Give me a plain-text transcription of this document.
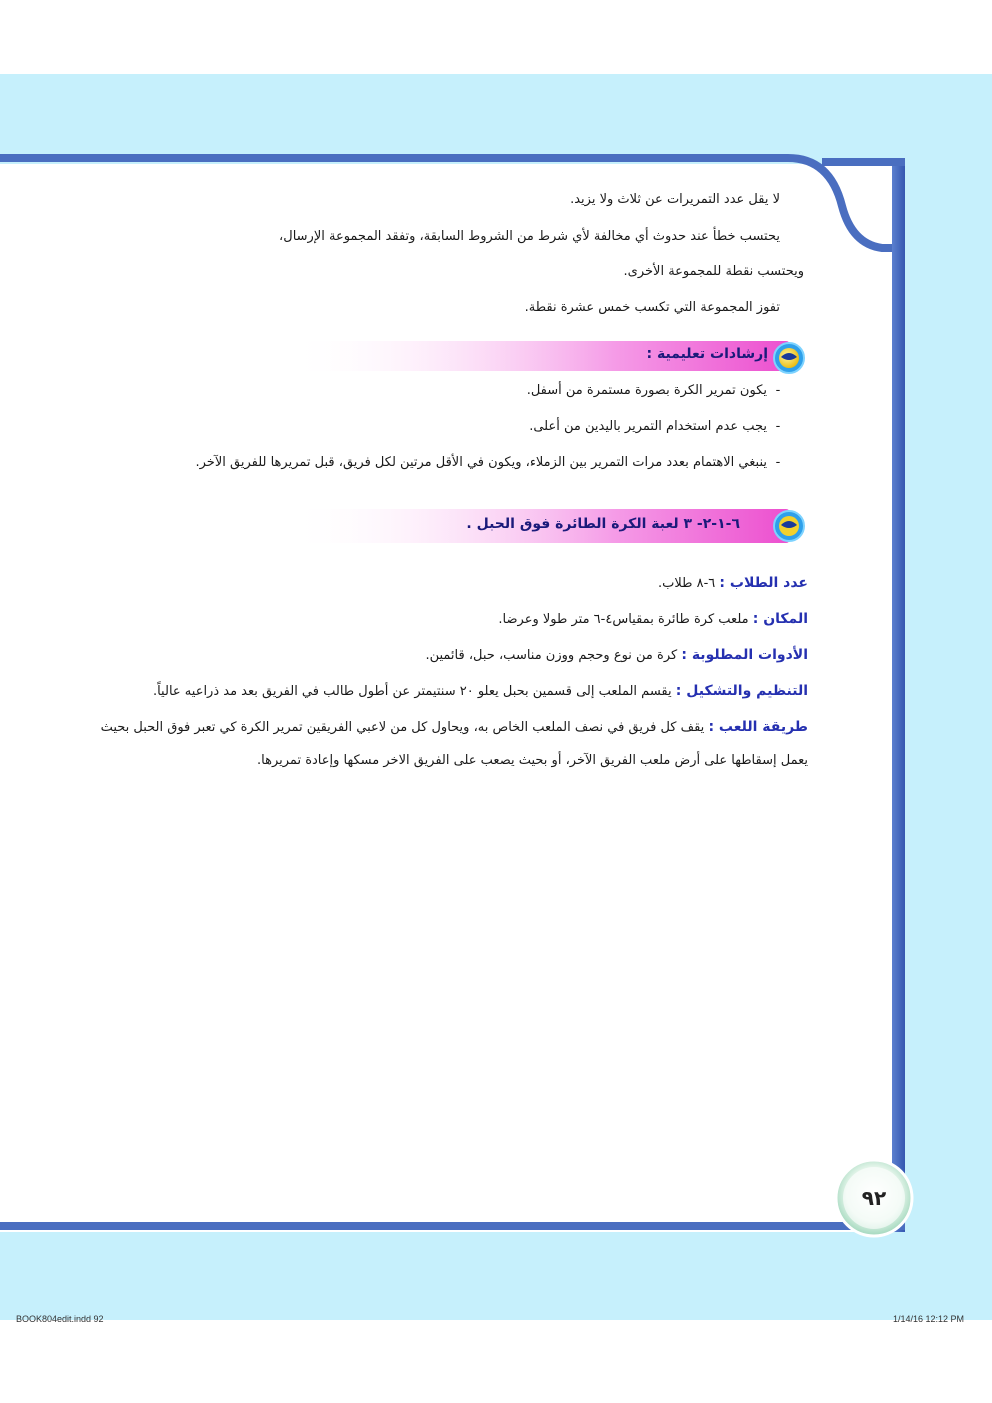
لا يقل عدد التمريرات عن ثلاث ولا يزيد.
يحتسب خطأ عند حدوث أي مخالفة لأي شرط من الشروط السابقة، وتفقد المجموعة الإرسال،
ويحتسب نقطة للمجموعة الأخرى.
تفوز المجموعة التي تكسب خمس عشرة نقطة.
إرشادات تعليمية :
-يكون تمرير الكرة بصورة مستمرة من أسفل.
-يجب عدم استخدام التمرير باليدين من أعلى.
-ينبغي الاهتمام بعدد مرات التمرير بين الزملاء، ويكون في الأقل مرتين لكل فريق، قبل تمريرها للفريق الآخر.
٦-١-٢- ٣ لعبة الكرة الطائرة فوق الحبل .
عدد الطلاب : ٦-٨ طلاب.
المكان : ملعب كرة طائرة بمقياس٤-٦ متر طولا وعرضا.
الأدوات المطلوبة : كرة من نوع وحجم ووزن مناسب، حبل، قائمين.
التنظيم والتشكيل : يقسم الملعب إلى قسمين بحبل يعلو ٢٠ سنتيمتر عن أطول طالب في الفريق بعد مد ذراعيه عالياً.
طريقة اللعب : يقف كل فريق في نصف الملعب الخاص به، ويحاول كل من لاعبي الفريقين تمرير الكرة كي تعبر فوق الحبل بحيث
يعمل إسقاطها على أرض ملعب الفريق الآخر، أو بحيث يصعب على الفريق الاخر مسكها وإعادة تمريرها.
٩٢
BOOK804edit.indd 92	1/14/16 12:12 PM
